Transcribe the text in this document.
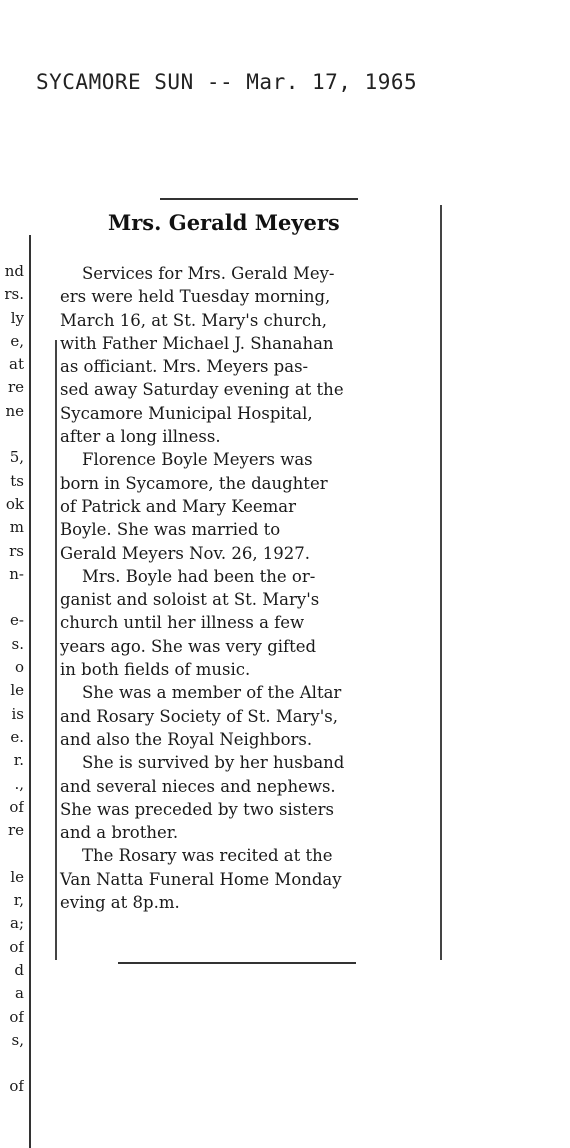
SYCAMORE SUN -- Mar. 17, 1965
nd
rs.
ly
e,
at
re
ne
5,
ts
ok
m
rs
n-
e-
s.
o
le
is
e.
r.
.,
of
re
le
r,
a;
of
d
a
of
s,
of
Mrs. Gerald Meyers
Services for Mrs. Gerald Mey-
ers were held Tuesday morning,
March 16, at St. Mary's church,
with Father Michael J. Shanahan
as officiant. Mrs. Meyers pas-
sed away Saturday evening at the
Sycamore Municipal Hospital,
after a long illness.
Florence Boyle Meyers was
born in Sycamore, the daughter
of Patrick and Mary Keemar
Boyle. She was married to
Gerald Meyers Nov. 26, 1927.
Mrs. Boyle had been the or-
ganist and soloist at St. Mary's
church until her illness a few
years ago. She was very gifted
in both fields of music.
She was a member of the Altar
and Rosary Society of St. Mary's,
and also the Royal Neighbors.
She is survived by her husband
and several nieces and nephews.
She was preceded by two sisters
and a brother.
The Rosary was recited at the
Van Natta Funeral Home Monday
eving at 8p.m.
